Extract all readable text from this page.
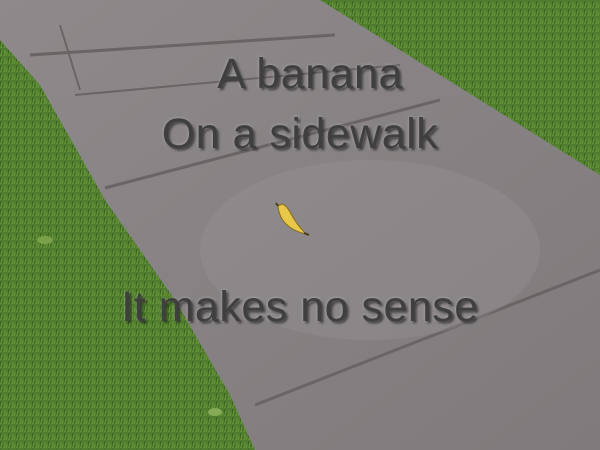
A banana
On a sidewalk
It makes no sense
